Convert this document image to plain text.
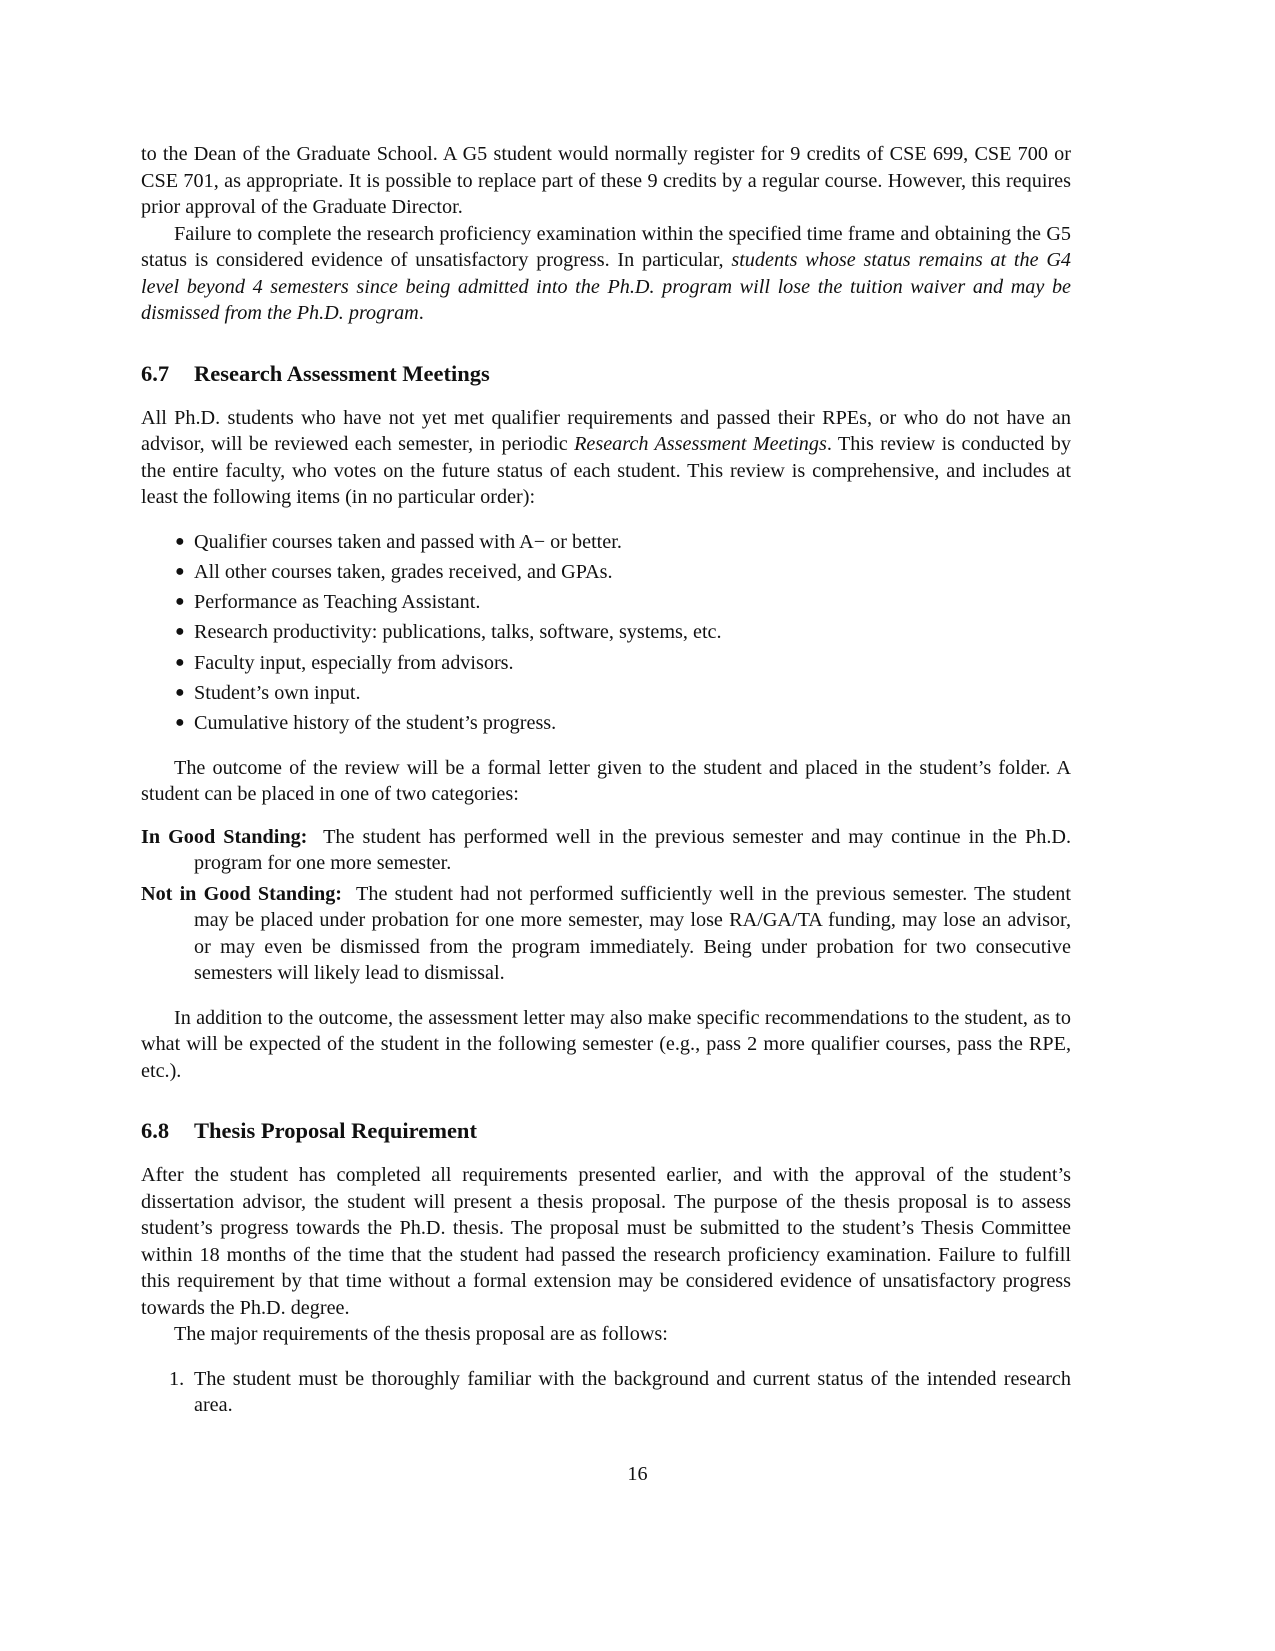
to the Dean of the Graduate School. A G5 student would normally register for 9 credits of CSE 699, CSE 700 or CSE 701, as appropriate. It is possible to replace part of these 9 credits by a regular course. However, this requires prior approval of the Graduate Director.

Failure to complete the research proficiency examination within the specified time frame and obtaining the G5 status is considered evidence of unsatisfactory progress. In particular, students whose status remains at the G4 level beyond 4 semesters since being admitted into the Ph.D. program will lose the tuition waiver and may be dismissed from the Ph.D. program.

6.7 Research Assessment Meetings

All Ph.D. students who have not yet met qualifier requirements and passed their RPEs, or who do not have an advisor, will be reviewed each semester, in periodic Research Assessment Meetings. This review is conducted by the entire faculty, who votes on the future status of each student. This review is comprehensive, and includes at least the following items (in no particular order):

● Qualifier courses taken and passed with A− or better.
● All other courses taken, grades received, and GPAs.
● Performance as Teaching Assistant.
● Research productivity: publications, talks, software, systems, etc.
● Faculty input, especially from advisors.
● Student’s own input.
● Cumulative history of the student’s progress.

The outcome of the review will be a formal letter given to the student and placed in the student’s folder. A student can be placed in one of two categories:

In Good Standing: The student has performed well in the previous semester and may continue in the Ph.D. program for one more semester.
Not in Good Standing: The student had not performed sufficiently well in the previous semester. The student may be placed under probation for one more semester, may lose RA/GA/TA funding, may lose an advisor, or may even be dismissed from the program immediately. Being under probation for two consecutive semesters will likely lead to dismissal.

In addition to the outcome, the assessment letter may also make specific recommendations to the student, as to what will be expected of the student in the following semester (e.g., pass 2 more qualifier courses, pass the RPE, etc.).

6.8 Thesis Proposal Requirement

After the student has completed all requirements presented earlier, and with the approval of the student’s dissertation advisor, the student will present a thesis proposal. The purpose of the thesis proposal is to assess student’s progress towards the Ph.D. thesis. The proposal must be submitted to the student’s Thesis Committee within 18 months of the time that the student had passed the research proficiency examination. Failure to fulfill this requirement by that time without a formal extension may be considered evidence of unsatisfactory progress towards the Ph.D. degree.

The major requirements of the thesis proposal are as follows:

1. The student must be thoroughly familiar with the background and current status of the intended research area.
16
